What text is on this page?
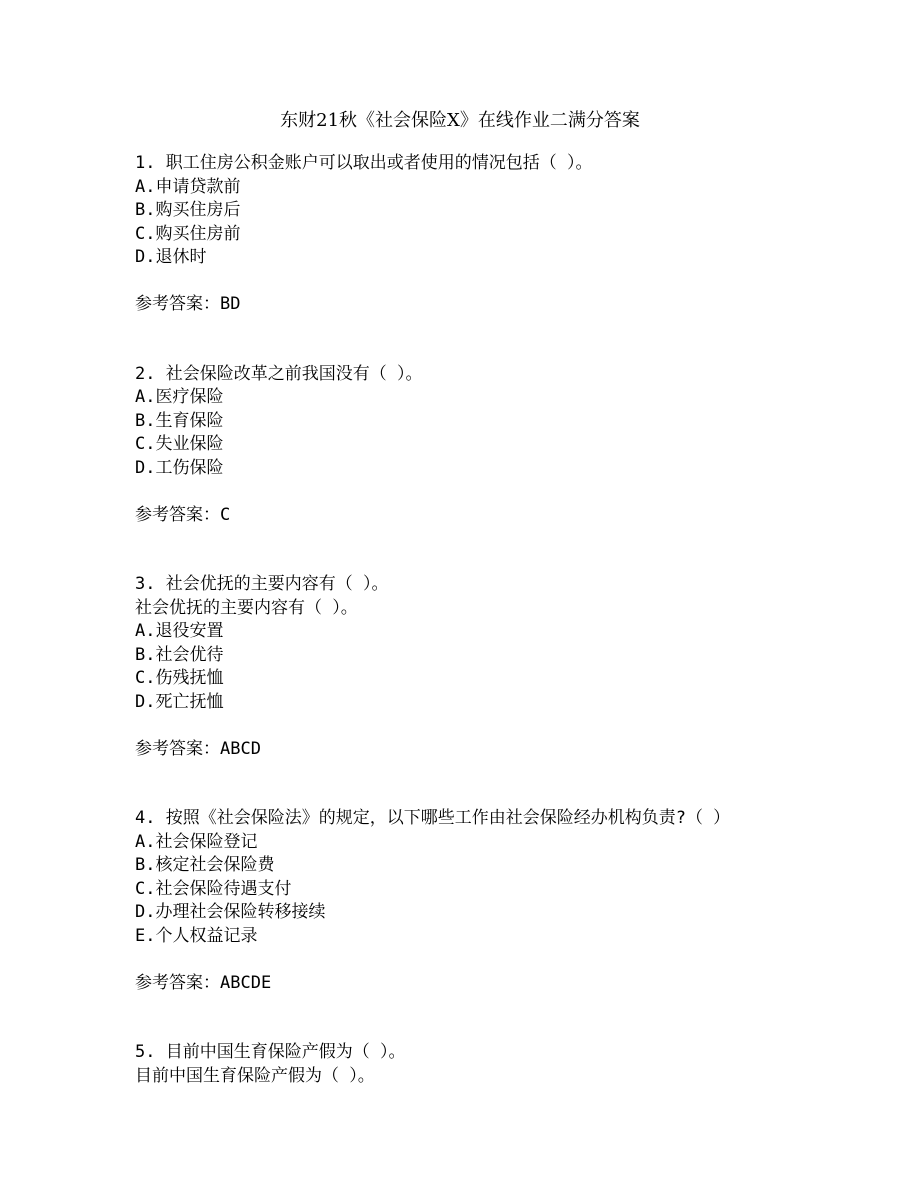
东财21秋《社会保险X》在线作业二满分答案
1. 职工住房公积金账户可以取出或者使用的情况包括（ ）。
A.申请贷款前
B.购买住房后
C.购买住房前
D.退休时
参考答案：BD
2. 社会保险改革之前我国没有（ ）。
A.医疗保险
B.生育保险
C.失业保险
D.工伤保险
参考答案：C
3. 社会优抚的主要内容有（ ）。
社会优抚的主要内容有（ ）。
A.退役安置
B.社会优待
C.伤残抚恤
D.死亡抚恤
参考答案：ABCD
4. 按照《社会保险法》的规定，以下哪些工作由社会保险经办机构负责?（ ）
A.社会保险登记
B.核定社会保险费
C.社会保险待遇支付
D.办理社会保险转移接续
E.个人权益记录
参考答案：ABCDE
5. 目前中国生育保险产假为（ ）。
目前中国生育保险产假为（ ）。
